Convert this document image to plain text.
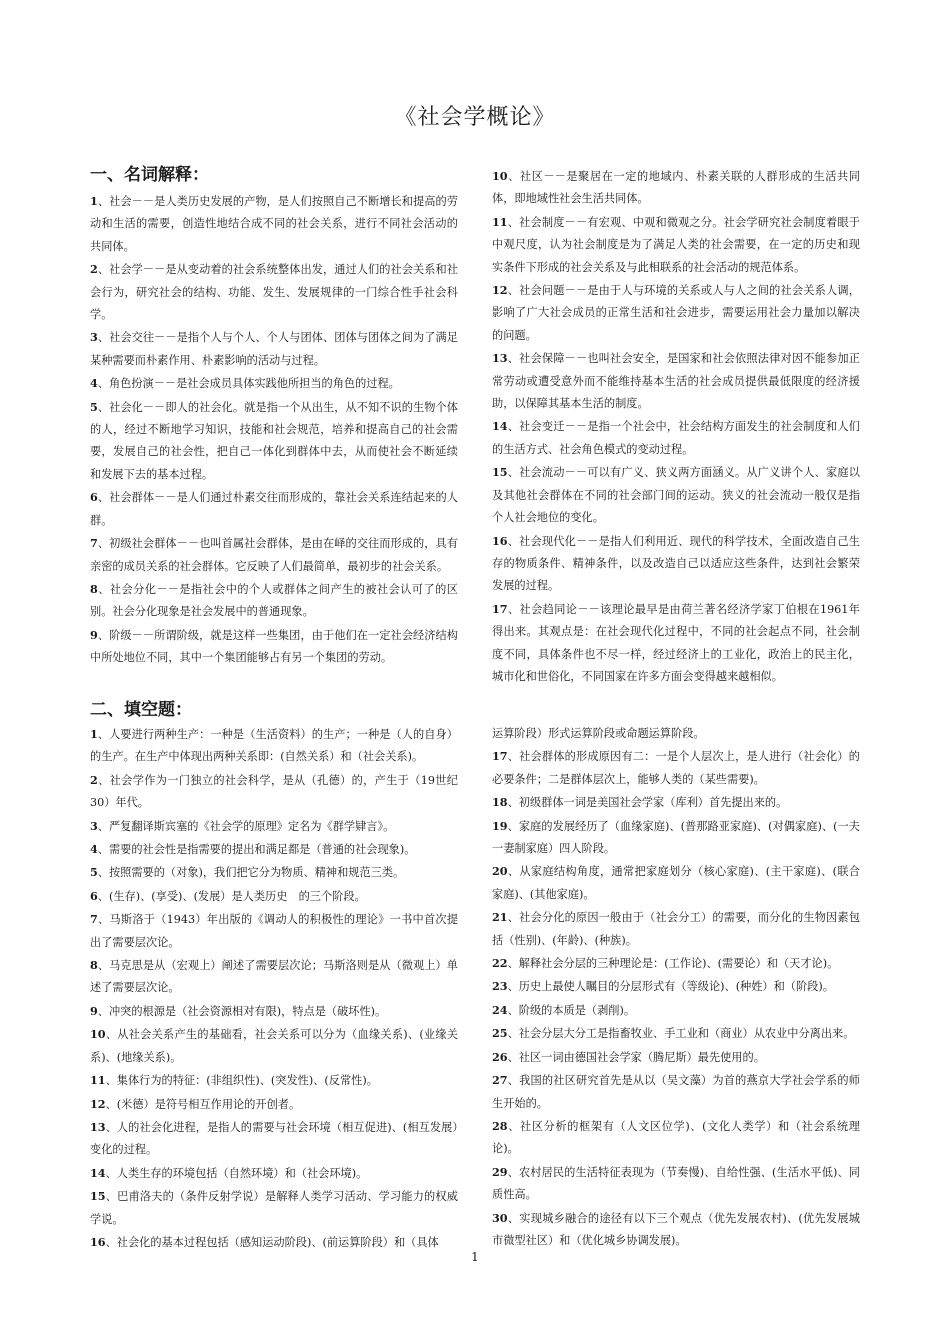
《社会学概论》
一、名词解释：

1、社会－－是人类历史发展的产物，是人们按照自己不断增长和提高的劳动和生活的需要，创造性地结合成不同的社会关系，进行不同社会活动的共同体。

2、社会学－－是从变动着的社会系统整体出发，通过人们的社会关系和社会行为，研究社会的结构、功能、发生、发展规律的一门综合性手社会科学。

3、社会交往－－是指个人与个人、个人与团体、团体与团体之间为了满足某种需要而朴素作用、朴素影响的活动与过程。

4、角色扮演－－是社会成员具体实践他所担当的角色的过程。

5、社会化－－即人的社会化。就是指一个从出生，从不知不识的生物个体的人，经过不断地学习知识，技能和社会规范，培养和提高自己的社会需要，发展自己的社会性，把自己一体化到群体中去，从而使社会不断延续和发展下去的基本过程。

6、社会群体－－是人们通过朴素交往而形成的，靠社会关系连结起来的人群。

7、初级社会群体－－也叫首属社会群体，是由在峄的交往而形成的，具有亲密的成员关系的社会群体。它反映了人们最简单，最初步的社会关系。

8、社会分化－－是指社会中的个人或群体之间产生的被社会认可了的区别。社会分化现象是社会发展中的普通现象。

9、阶级－－所谓阶级，就是这样一些集团，由于他们在一定社会经济结构中所处地位不同，其中一个集团能够占有另一个集团的劳动。

10、社区－－是聚居在一定的地域内、朴素关联的人群形成的生活共同体，即地域性社会生活共同体。

11、社会制度－－有宏观、中观和微观之分。社会学研究社会制度着眼于中观尺度，认为社会制度是为了满足人类的社会需要，在一定的历史和现实条件下形成的社会关系及与此相联系的社会活动的规范体系。

12、社会问题－－是由于人与环境的关系或人与人之间的社会关系人调，影响了广大社会成员的正常生活和社会进步，需要运用社会力量加以解决的问题。

13、社会保障－－也叫社会安全，是国家和社会依照法律对因不能参加正常劳动或遭受意外而不能维持基本生活的社会成员提供最低限度的经济援助，以保障其基本生活的制度。

14、社会变迁－－是指一个社会中，社会结构方面发生的社会制度和人们的生活方式、社会角色模式的变动过程。

15、社会流动－－可以有广义、狭义两方面涵义。从广义讲个人、家庭以及其他社会群体在不同的社会部门间的运动。狭义的社会流动一般仅是指个人社会地位的变化。

16、社会现代化－－是指人们利用近、现代的科学技术，全面改造自己生存的物质条件、精神条件，以及改造自己以适应这些条件，达到社会繁荣发展的过程。

17、社会趋同论－－该理论最早是由荷兰著名经济学家丁伯根在1961年得出来。其观点是：在社会现代化过程中，不同的社会起点不同，社会制度不同，具体条件也不尽一样，经过经济上的工业化，政治上的民主化，城市化和世俗化，不同国家在许多方面会变得越来越相似。

二、填空题：

1、人要进行两种生产：一种是（生活资料）的生产；一种是（人的自身）的生产。在生产中体现出两种关系即：(自然关系）和（社会关系)。

2、社会学作为一门独立的社会科学，是从（孔德）的，产生于（19世纪30）年代。

3、严复翻译斯宾塞的《社会学的原理》定名为《群学肄言》。

4、需要的社会性是指需要的提出和满足都是（普通的社会现象)。

5、按照需要的（对象)，我们把它分为物质、精神和规范三类。

6、(生存)、(享受)、(发展）是人类历史　的三个阶段。

7、马斯洛于（1943）年出版的《调动人的积极性的理论》一书中首次提出了需要层次论。

8、马克思是从（宏观上）阐述了需要层次论；马斯洛则是从（微观上）单述了需要层次论。

9、冲突的根源是（社会资源相对有限)，特点是（破坏性)。

10、从社会关系产生的基础看，社会关系可以分为（血缘关系)、(业缘关系)、(地缘关系)。

11、集体行为的特征：(非组织性)、(突发性)、(反常性)。

12、(米德）是符号相互作用论的开创者。

13、人的社会化进程，是指人的需要与社会环境（相互促进)、(相互发展）变化的过程。

14、人类生存的环境包括（自然环境）和（社会环境)。

15、巴甫洛夫的（条件反射学说）是解释人类学习活动、学习能力的权威学说。

16、社会化的基本过程包括（感知运动阶段)、(前运算阶段）和（具体

运算阶段）形式运算阶段或命题运算阶段。

17、社会群体的形成原因有二：一是个人层次上，是人进行（社会化）的必要条件；二是群体层次上，能够人类的（某些需要)。

18、初级群体一词是美国社会学家（库利）首先提出来的。

19、家庭的发展经历了（血缘家庭)、(普那路亚家庭)、(对偶家庭)、(一夫一妻制家庭）四人阶段。

20、从家庭结构角度，通常把家庭划分（核心家庭)、(主干家庭)、(联合家庭)、(其他家庭)。

21、社会分化的原因一般由于（社会分工）的需要，而分化的生物因素包括（性别)、(年龄)、(种族)。

22、解释社会分层的三种理论是：(工作论)、(需要论）和（天才论)。

23、历史上最使人瞩目的分层形式有（等级论)、(种姓）和（阶段)。

24、阶级的本质是（剥削)。

25、社会分层大分工是指畜牧业、手工业和（商业）从农业中分离出来。

26、社区一词由德国社会学家（腾尼斯）最先使用的。

27、我国的社区研究首先是从以（吴文藻）为首的燕京大学社会学系的师生开始的。

28、社区分析的框架有（人文区位学)、(文化人类学）和（社会系统理论)。

29、农村居民的生活特征表现为（节奏慢)、自给性强、(生活水平低)、同质性高。

30、实现城乡融合的途径有以下三个观点（优先发展农村)、(优先发展城市微型社区）和（优化城乡协调发展)。

1
